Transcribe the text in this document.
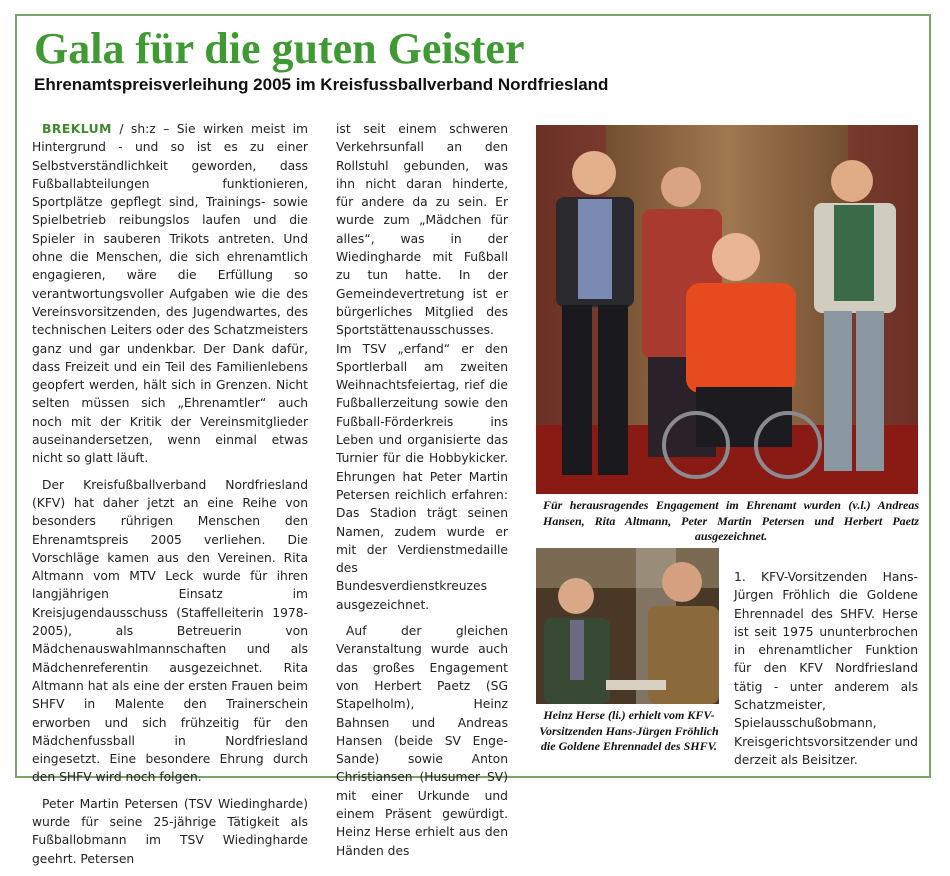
Gala für die guten Geister
Ehrenamtspreisverleihung 2005 im Kreisfussballverband Nordfriesland

BREKLUM / sh:z – Sie wirken meist im Hintergrund - und so ist es zu einer Selbstverständlichkeit geworden, dass Fußballabteilungen funktionieren, Sportplätze gepflegt sind, Trainings- sowie Spielbetrieb reibungslos laufen und die Spieler in sauberen Trikots antreten. Und ohne die Menschen, die sich ehrenamtlich engagieren, wäre die Erfüllung so verantwortungsvoller Aufgaben wie die des Vereinsvorsitzenden, des Jugendwartes, des technischen Leiters oder des Schatzmeisters ganz und gar undenkbar. Der Dank dafür, dass Freizeit und ein Teil des Familienlebens geopfert werden, hält sich in Grenzen. Nicht selten müssen sich „Ehrenamtler“ auch noch mit der Kritik der Vereinsmitglieder auseinandersetzen, wenn einmal etwas nicht so glatt läuft.

Der Kreisfußballverband Nordfriesland (KFV) hat daher jetzt an eine Reihe von besonders rührigen Menschen den Ehrenamtspreis 2005 verliehen. Die Vorschläge kamen aus den Vereinen. Rita Altmann vom MTV Leck wurde für ihren langjährigen Einsatz im Kreisjugendausschuss (Staffelleiterin 1978-2005), als Betreuerin von Mädchenauswahlmannschaften und als Mädchenreferentin ausgezeichnet. Rita Altmann hat als eine der ersten Frauen beim SHFV in Malente den Trainerschein erworben und sich frühzeitig für den Mädchenfussball in Nordfriesland eingesetzt. Eine besondere Ehrung durch den SHFV wird noch folgen.

Peter Martin Petersen (TSV Wiedingharde) wurde für seine 25-jährige Tätigkeit als Fußballobmann im TSV Wiedingharde geehrt. Petersen

ist seit einem schweren Verkehrsunfall an den Rollstuhl gebunden, was ihn nicht daran hinderte, für andere da zu sein. Er wurde zum „Mädchen für alles“, was in der Wiedingharde mit Fußball zu tun hatte. In der Gemeindevertretung ist er bürgerliches Mitglied des Sportstättenausschusses. Im TSV „erfand“ er den Sportlerball am zweiten Weihnachtsfeiertag, rief die Fußballerzeitung sowie den Fußball-Förderkreis ins Leben und organisierte das Turnier für die Hobbykicker. Ehrungen hat Peter Martin Petersen reichlich erfahren: Das Stadion trägt seinen Namen, zudem wurde er mit der Verdienstmedaille des Bundesverdienstkreuzes ausgezeichnet.

Auf der gleichen Veranstaltung wurde auch das großes Engagement von Herbert Paetz (SG Stapelholm), Heinz Bahnsen und Andreas Hansen (beide SV Enge-Sande) sowie Anton Christiansen (Husumer SV) mit einer Urkunde und einem Präsent gewürdigt. Heinz Herse erhielt aus den Händen des

Für herausragendes Engagement im Ehrenamt wurden (v.l.) Andreas Hansen, Rita Altmann, Peter Martin Petersen und Herbert Paetz ausgezeichnet.
Heinz Herse (li.) erhielt vom KFV-Vorsitzenden Hans-Jürgen Fröhlich die Goldene Ehrennadel des SHFV.

1. KFV-Vorsitzenden Hans-Jürgen Fröhlich die Goldene Ehrennadel des SHFV. Herse ist seit 1975 ununterbrochen in ehrenamtlicher Funktion für den KFV Nordfriesland tätig - unter anderem als Schatzmeister, Spielausschußobmann, Kreisgerichtsvorsitzender und derzeit als Beisitzer.
